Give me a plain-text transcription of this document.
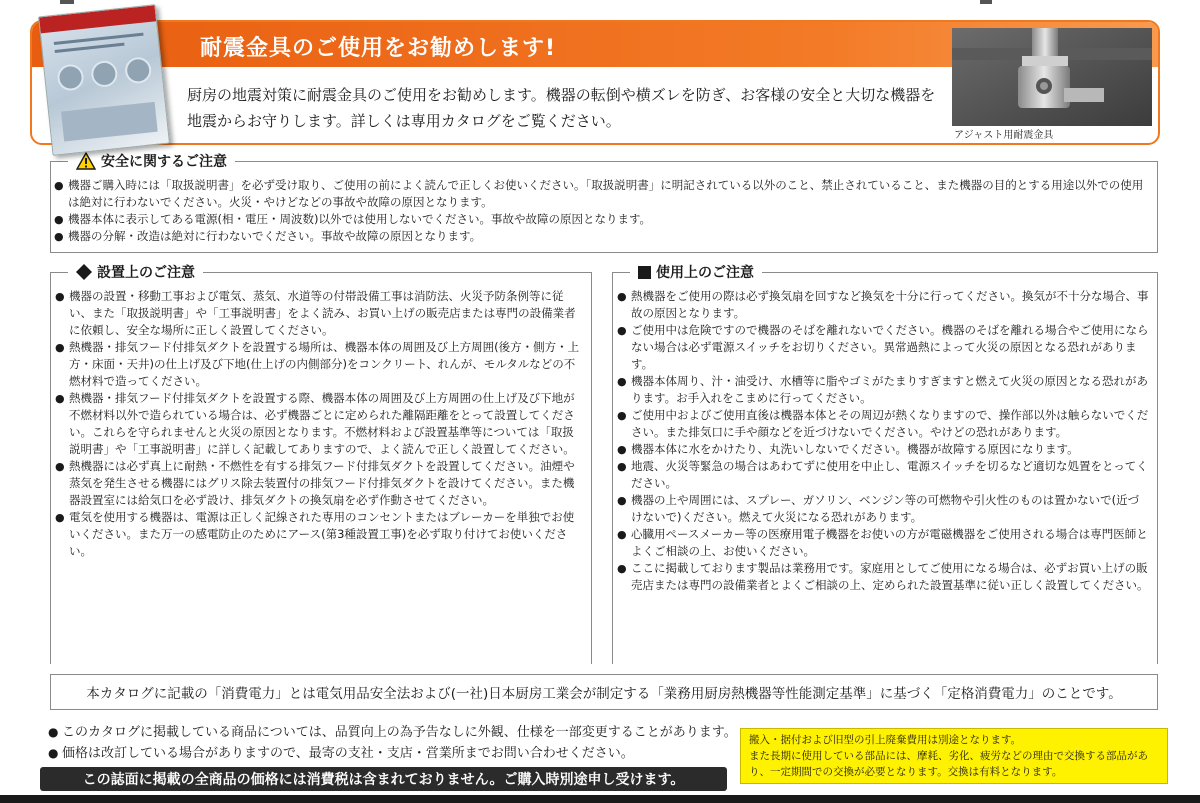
耐震金具のご使用をお勧めします!
厨房の地震対策に耐震金具のご使用をお勧めします。機器の転倒や横ズレを防ぎ、お客様の安全と大切な機器を地震からお守りします。詳しくは専用カタログをご覧ください。
アジャスト用耐震金具
安全に関するご注意
● 機器ご購入時には「取扱説明書」を必ず受け取り、ご使用の前によく読んで正しくお使いください。「取扱説明書」に明記されている以外のこと、禁止されていること、また機器の目的とする用途以外での使用は絶対に行わないでください。火災・やけどなどの事故や故障の原因となります。
● 機器本体に表示してある電源(相・電圧・周波数)以外では使用しないでください。事故や故障の原因となります。
● 機器の分解・改造は絶対に行わないでください。事故や故障の原因となります。
設置上のご注意
● 機器の設置・移動工事および電気、蒸気、水道等の付帯設備工事は消防法、火災予防条例等に従い、また「取扱説明書」や「工事説明書」をよく読み、お買い上げの販売店または専門の設備業者に依頼し、安全な場所に正しく設置してください。
● 熱機器・排気フード付排気ダクトを設置する場所は、機器本体の周囲及び上方周囲(後方・側方・上方・床面・天井)の仕上げ及び下地(仕上げの内側部分)をコンクリート、れんが、モルタルなどの不燃材料で造ってください。
● 熱機器・排気フード付排気ダクトを設置する際、機器本体の周囲及び上方周囲の仕上げ及び下地が不燃材料以外で造られている場合は、必ず機器ごとに定められた離隔距離をとって設置してください。これらを守られませんと火災の原因となります。不燃材料および設置基準等については「取扱説明書」や「工事説明書」に詳しく記載してありますので、よく読んで正しく設置してください。
● 熱機器には必ず真上に耐熱・不燃性を有する排気フード付排気ダクトを設置してください。油煙や蒸気を発生させる機器にはグリス除去装置付の排気フード付排気ダクトを設けてください。また機器設置室には給気口を必ず設け、排気ダクトの換気扇を必ず作動させてください。
● 電気を使用する機器は、電源は正しく記線された専用のコンセントまたはブレーカーを単独でお使いください。また万一の感電防止のためにアース(第3種設置工事)を必ず取り付けてお使いください。
使用上のご注意
● 熱機器をご使用の際は必ず換気扇を回すなど換気を十分に行ってください。換気が不十分な場合、事故の原因となります。
● ご使用中は危険ですので機器のそばを離れないでください。機器のそばを離れる場合やご使用にならない場合は必ず電源スイッチをお切りください。異常過熱によって火災の原因となる恐れがあります。
● 機器本体周り、汁・油受け、水槽等に脂やゴミがたまりすぎますと燃えて火災の原因となる恐れがあります。お手入れをこまめに行ってください。
● ご使用中およびご使用直後は機器本体とその周辺が熱くなりますので、操作部以外は触らないでください。また排気口に手や顔などを近づけないでください。やけどの恐れがあります。
● 機器本体に水をかけたり、丸洗いしないでください。機器が故障する原因になります。
● 地震、火災等緊急の場合はあわてずに使用を中止し、電源スイッチを切るなど適切な処置をとってください。
● 機器の上や周囲には、スプレー、ガソリン、ベンジン等の可燃物や引火性のものは置かないで(近づけないで)ください。燃えて火災になる恐れがあります。
● 心臓用ペースメーカー等の医療用電子機器をお使いの方が電磁機器をご使用される場合は専門医師とよくご相談の上、お使いください。
● ここに掲載しております製品は業務用です。家庭用としてご使用になる場合は、必ずお買い上げの販売店または専門の設備業者とよくご相談の上、定められた設置基準に従い正しく設置してください。
本カタログに記載の「消費電力」とは電気用品安全法および(一社)日本厨房工業会が制定する「業務用厨房熱機器等性能測定基準」に基づく「定格消費電力」のことです。
● このカタログに掲載している商品については、品質向上の為予告なしに外観、仕様を一部変更することがあります。
● 価格は改訂している場合がありますので、最寄の支社・支店・営業所までお問い合わせください。
この誌面に掲載の全商品の価格には消費税は含まれておりません。ご購入時別途申し受けます。
搬入・据付および旧型の引上廃棄費用は別途となります。
また長期に使用している部品には、摩耗、劣化、疲労などの理由で交換する部品があり、一定期間での交換が必要となります。交換は有料となります。
